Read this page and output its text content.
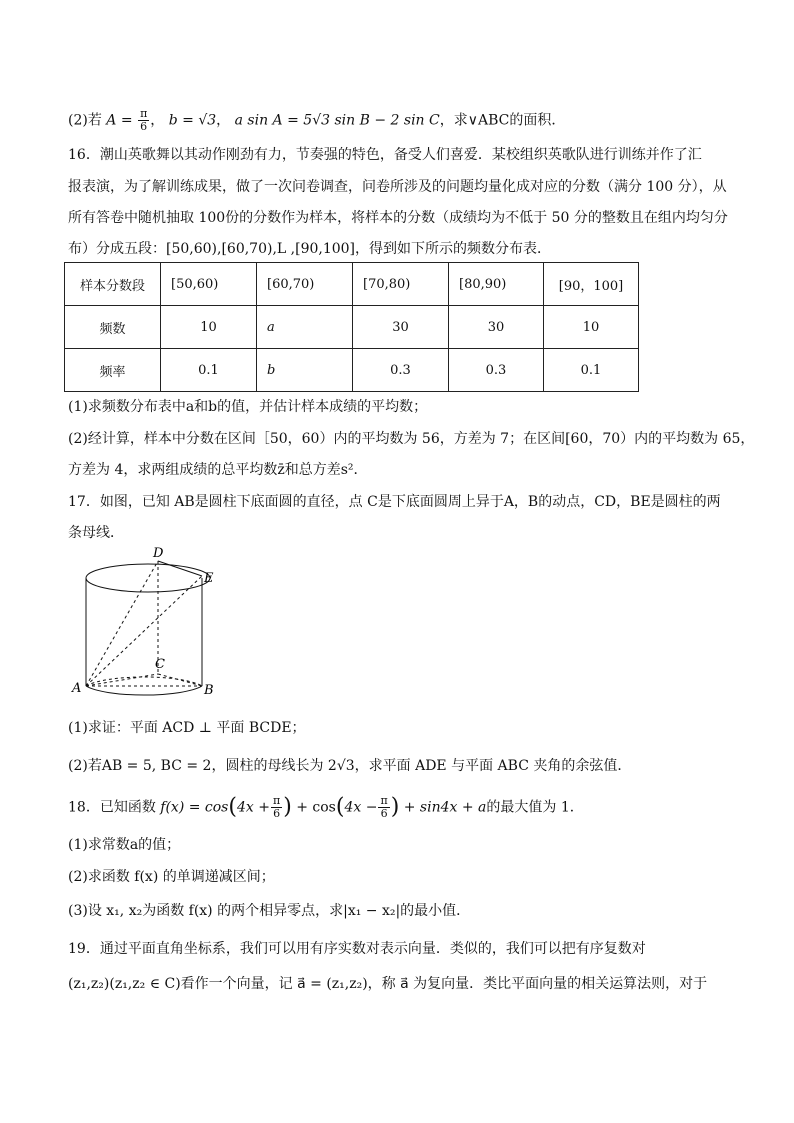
(2)若 $A = \frac{\pi}{6}$ ， b = √3， a sin A = 5√3 sin B − 2 sin C，求∨ABC的面积．
16．潮山英歌舞以其动作刚劲有力，节奏强的特色，备受人们喜爱．某校组织英歌队进行训练并作了汇
报表演，为了解训练成果，做了一次问卷调查，问卷所涉及的问题均量化成对应的分数（满分 100 分），从
所有答卷中随机抽取 100份的分数作为样本，将样本的分数（成绩均为不低于 50 分的整数且在组内均匀分
布）分成五段：[50,60),[60,70),L ,[90,100]，得到如下所示的频数分布表．
样本分数段	[50,60)	[60,70)	[70,80)	[80,90)	[90，100]
频数	10	a	30	30	10
频率	0.1	b	0.3	0.3	0.1
(1)求频数分布表中a和b的值，并估计样本成绩的平均数；
(2)经计算，样本中分数在区间［50，60）内的平均数为 56，方差为 7；在区间[60，70）内的平均数为 65，
方差为 4，求两组成绩的总平均数z̄和总方差s²．
17．如图，已知 AB是圆柱下底面圆的直径，点 C是下底面圆周上异于A，B的动点，CD，BE是圆柱的两
条母线．
D
E
C
A	B
(1)求证：平面 ACD ⊥ 平面 BCDE；
(2)若AB = 5, BC = 2，圆柱的母线长为 2√3，求平面 ADE 与平面 ABC 夹角的余弦值．
18．已知函数 $f(x) = \cos(4x + \frac{\pi}{6}$ ) + $\cos(4x - \frac{\pi}{6}$ ) + sin4x + a的最大值为 1．
(1)求常数a的值；
(2)求函数 f(x) 的单调递减区间；
(3)设 x₁, x₂为函数 f(x) 的两个相异零点，求|x₁ − x₂|的最小值．
19．通过平面直角坐标系，我们可以用有序实数对表示向量．类似的，我们可以把有序复数对
(z₁,z₂)(z₁,z₂ ∈ C)看作一个向量，记 a⃗ = (z₁,z₂)，称 a⃗ 为复向量．类比平面向量的相关运算法则，对于
